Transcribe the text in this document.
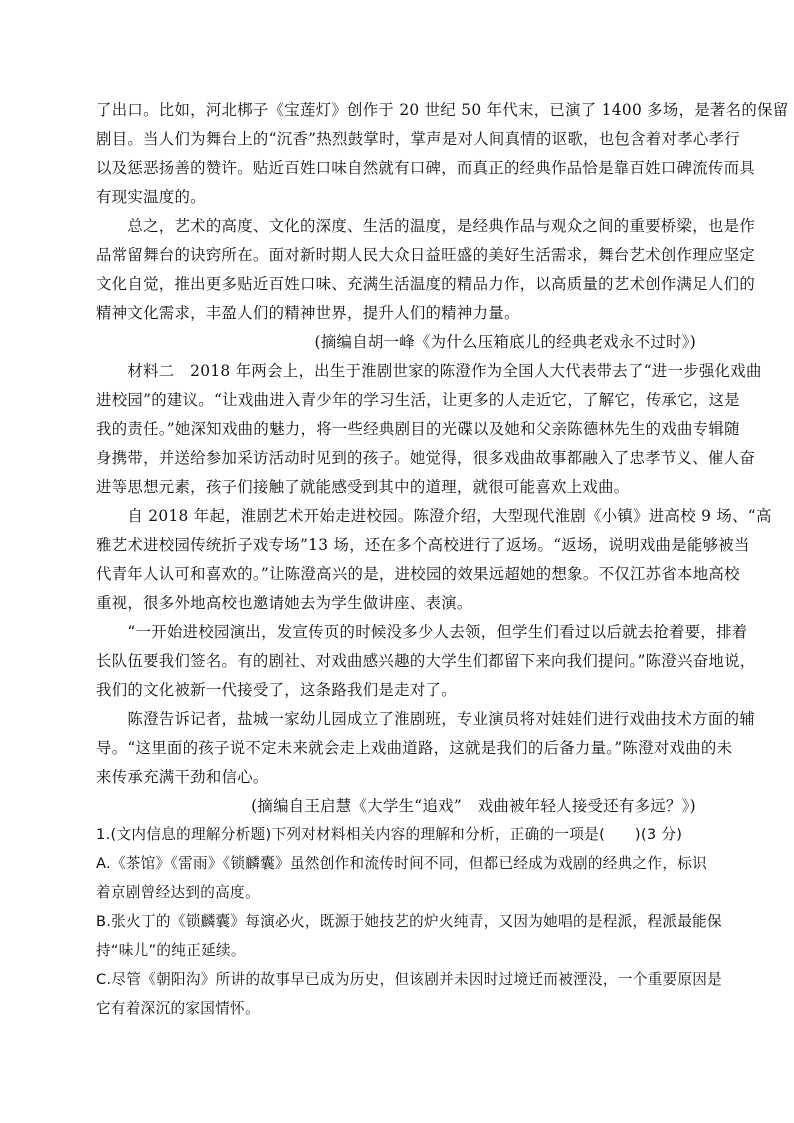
了出口。比如，河北梆子《宝莲灯》创作于 20 世纪 50 年代末，已演了 1400 多场，是著名的保留
剧目。当人们为舞台上的“沉香”热烈鼓掌时，掌声是对人间真情的讴歌，也包含着对孝心孝行
以及惩恶扬善的赞许。贴近百姓口味自然就有口碑，而真正的经典作品恰是靠百姓口碑流传而具
有现实温度的。
　　总之，艺术的高度、文化的深度、生活的温度，是经典作品与观众之间的重要桥梁，也是作
品常留舞台的诀窍所在。面对新时期人民大众日益旺盛的美好生活需求，舞台艺术创作理应坚定
文化自觉，推出更多贴近百姓口味、充满生活温度的精品力作，以高质量的艺术创作满足人们的
精神文化需求，丰盈人们的精神世界，提升人们的精神力量。
(摘编自胡一峰《为什么压箱底儿的经典老戏永不过时》)
　　材料二　2018 年两会上，出生于淮剧世家的陈澄作为全国人大代表带去了“进一步强化戏曲
进校园”的建议。“让戏曲进入青少年的学习生活，让更多的人走近它，了解它，传承它，这是
我的责任。”她深知戏曲的魅力，将一些经典剧目的光碟以及她和父亲陈德林先生的戏曲专辑随
身携带，并送给参加采访活动时见到的孩子。她觉得，很多戏曲故事都融入了忠孝节义、催人奋
进等思想元素，孩子们接触了就能感受到其中的道理，就很可能喜欢上戏曲。
　　自 2018 年起，淮剧艺术开始走进校园。陈澄介绍，大型现代淮剧《小镇》进高校 9 场、“高
雅艺术进校园传统折子戏专场”13 场，还在多个高校进行了返场。“返场，说明戏曲是能够被当
代青年人认可和喜欢的。”让陈澄高兴的是，进校园的效果远超她的想象。不仅江苏省本地高校
重视，很多外地高校也邀请她去为学生做讲座、表演。
　　“一开始进校园演出，发宣传页的时候没多少人去领，但学生们看过以后就去抢着要，排着
长队伍要我们签名。有的剧社、对戏曲感兴趣的大学生们都留下来向我们提问。”陈澄兴奋地说，
我们的文化被新一代接受了，这条路我们是走对了。
　　陈澄告诉记者，盐城一家幼儿园成立了淮剧班，专业演员将对娃娃们进行戏曲技术方面的辅
导。“这里面的孩子说不定未来就会走上戏曲道路，这就是我们的后备力量。”陈澄对戏曲的未
来传承充满干劲和信心。
(摘编自王启慧《大学生“追戏”　戏曲被年轻人接受还有多远？》)
1.(文内信息的理解分析题)下列对材料相关内容的理解和分析，正确的一项是(　　)(3 分)
A.《茶馆》《雷雨》《锁麟囊》虽然创作和流传时间不同，但都已经成为戏剧的经典之作，标识
着京剧曾经达到的高度。
B.张火丁的《锁麟囊》每演必火，既源于她技艺的炉火纯青，又因为她唱的是程派，程派最能保
持“味儿”的纯正延续。
C.尽管《朝阳沟》所讲的故事早已成为历史，但该剧并未因时过境迁而被湮没，一个重要原因是
它有着深沉的家国情怀。
